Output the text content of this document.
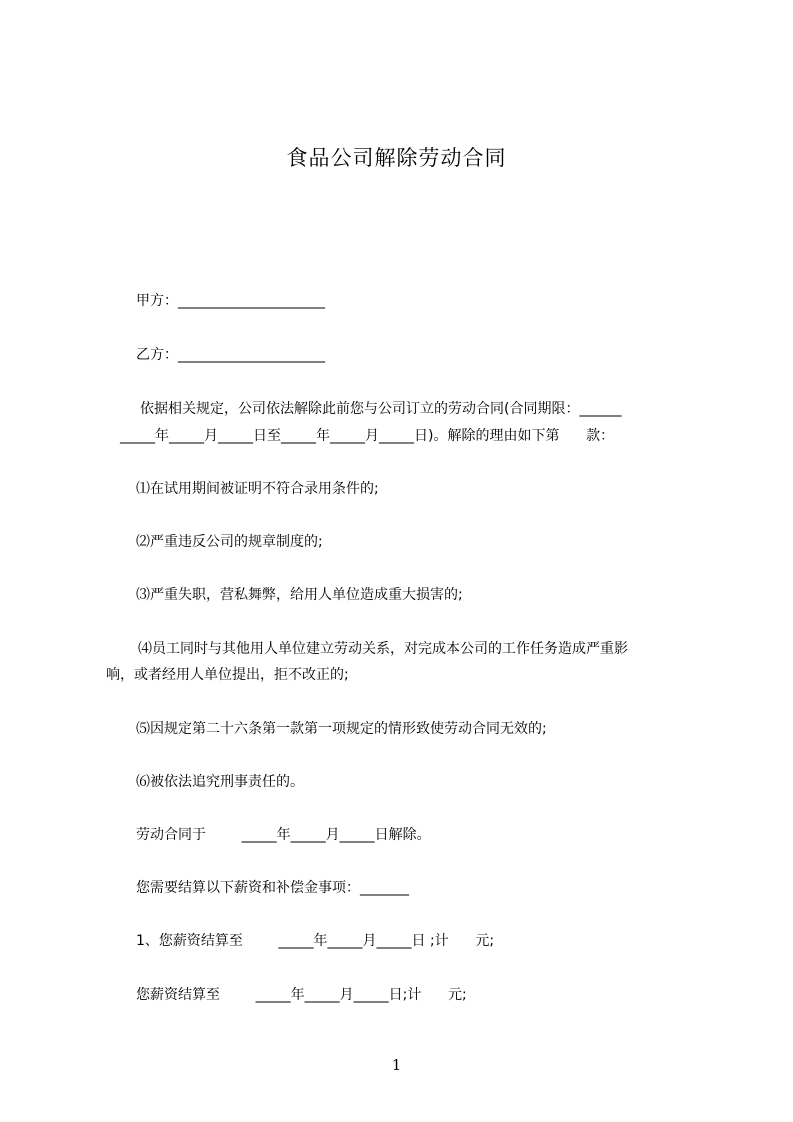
食品公司解除劳动合同
甲方：_____________________
乙方：_____________________
依据相关规定，公司依法解除此前您与公司订立的劳动合同(合同期限：______
_____年_____月_____日至_____年_____月_____日)。解除的理由如下第      款：
⑴在试用期间被证明不符合录用条件的;
⑵严重违反公司的规章制度的;
⑶严重失职，营私舞弊，给用人单位造成重大损害的;
⑷员工同时与其他用人单位建立劳动关系，对完成本公司的工作任务造成严重影
响，或者经用人单位提出，拒不改正的;
⑸因规定第二十六条第一款第一项规定的情形致使劳动合同无效的;
⑹被依法追究刑事责任的。
劳动合同于        _____年_____月_____日解除。
您需要结算以下薪资和补偿金事项：_______
1、您薪资结算至        _____年_____月_____日 ;计      元;
您薪资结算至        _____年_____月_____日;计      元;
1
